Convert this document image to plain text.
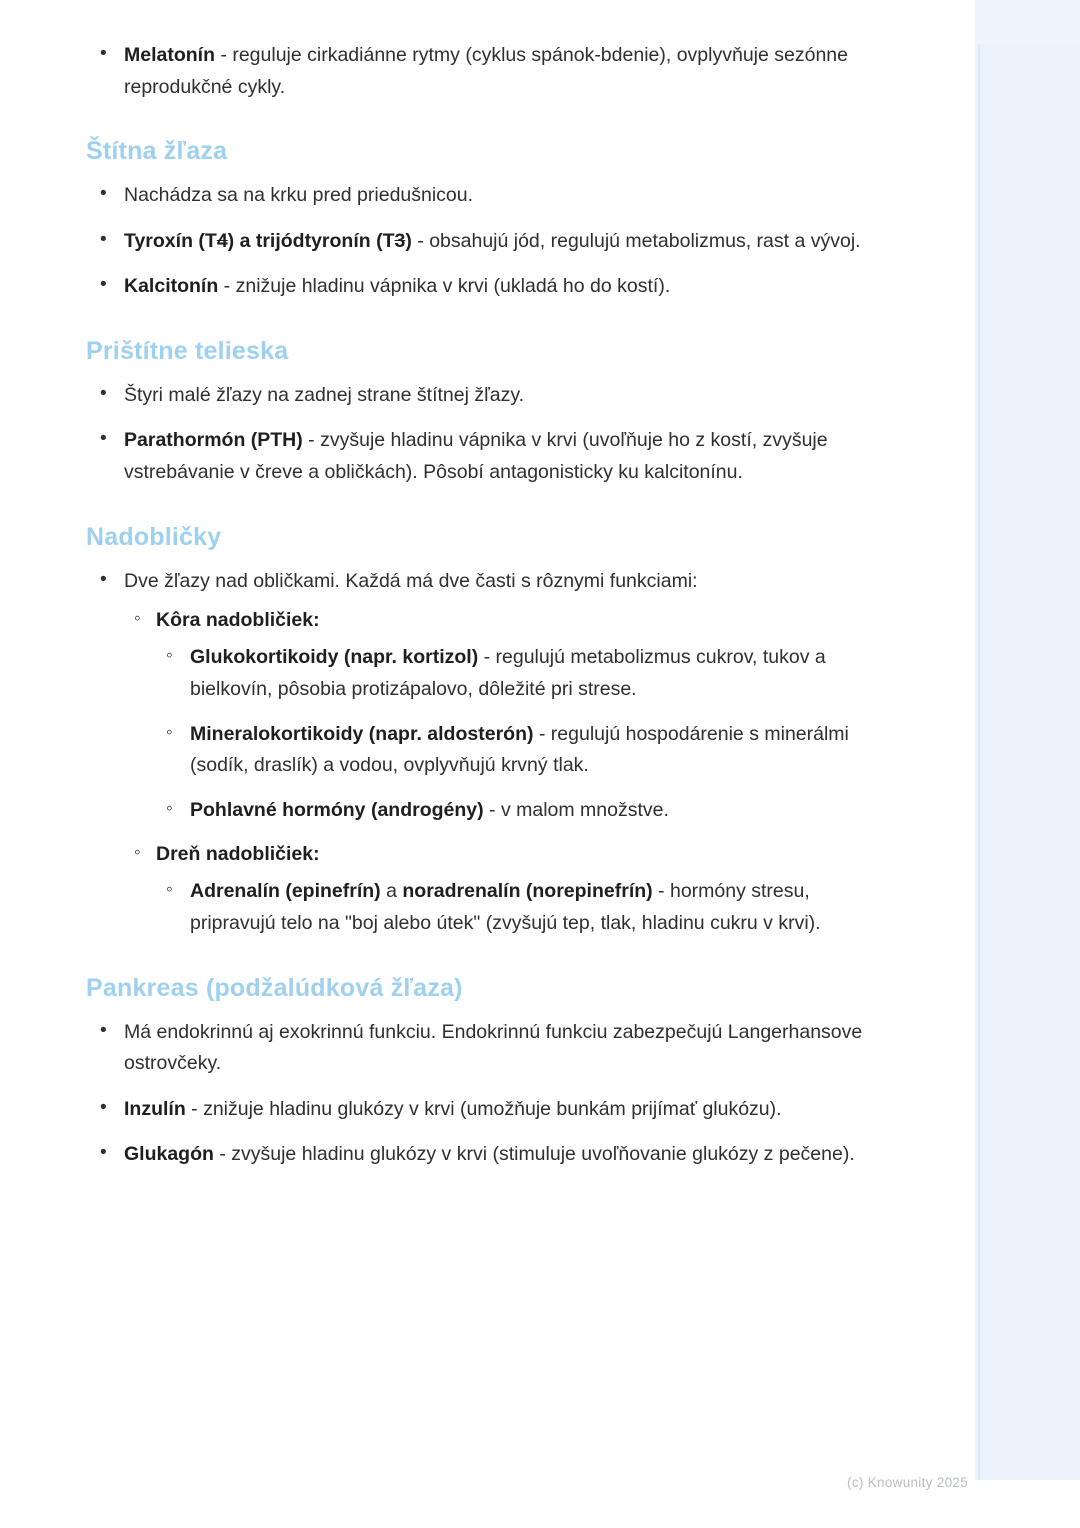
• Melatonín - reguluje cirkadiánne rytmy (cyklus spánok-bdenie), ovplyvňuje sezónne reprodukčné cykly.
Štítna žľaza
• Nachádza sa na krku pred priedušnicou.
• Tyroxín (T4) a trijódtyronín (T3) - obsahujú jód, regulujú metabolizmus, rast a vývoj.
• Kalcitonín - znižuje hladinu vápnika v krvi (ukladá ho do kostí).
Prištítne telieska
• Štyri malé žľazy na zadnej strane štítnej žľazy.
• Parathormón (PTH) - zvyšuje hladinu vápnika v krvi (uvoľňuje ho z kostí, zvyšuje vstrebávanie v čreve a obličkách). Pôsobí antagonisticky ku kalcitonínu.
Nadobličky
• Dve žľazy nad obličkami. Každá má dve časti s rôznymi funkciami:
◦ Kôra nadobličiek:
◦ Glukokortikoidy (napr. kortizol) - regulujú metabolizmus cukrov, tukov a bielkovín, pôsobia protizápalovo, dôležité pri strese.
◦ Mineralokortikoidy (napr. aldosterón) - regulujú hospodárenie s minerálmi (sodík, draslík) a vodou, ovplyvňujú krvný tlak.
◦ Pohlavné hormóny (androgény) - v malom množstve.
◦ Dreň nadobličiek:
◦ Adrenalín (epinefrín) a noradrenalín (norepinefrín) - hormóny stresu, pripravujú telo na "boj alebo útek" (zvyšujú tep, tlak, hladinu cukru v krvi).
Pankreas (podžalúdková žľaza)
• Má endokrinnú aj exokrinnú funkciu. Endokrinnú funkciu zabezpečujú Langerhansove ostrovčeky.
• Inzulín - znižuje hladinu glukózy v krvi (umožňuje bunkám prijímať glukózu).
• Glukagón - zvyšuje hladinu glukózy v krvi (stimuluje uvoľňovanie glukózy z pečene).
(c) Knowunity 2025
